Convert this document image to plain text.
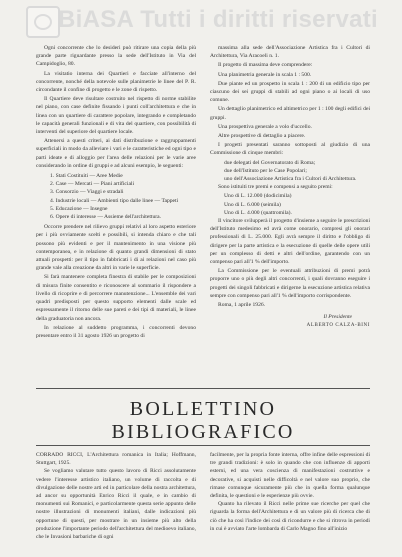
BiASA Tutti i diritti riservati

Ogni concorrente che lo desideri può ritirare una copia della più grande parte riguardante presso la sede dell'Istituto in Via del Campidoglio, 80.

La visitatio interna dei Quartieri e facciate all'interno del concorrente, nonché della notevole sulle planimetrie le linee del P. R. circondante il confine di progetto e le zone di rispetto.

Il Quartiere deve risultare costruito nel rispetto di norme stabilite nel piano, con case definite fissando i punti coll'architettura e che in linea con un quartiere di carattere popolare, integrando e completando le capacità generali funzionali e di vita del quartiere, con possibilità di interventi del superiore del quartiere locale.

Attenersi a questi criteri, ai dati distribuzione e raggruppamenti superficiali in modo da alleviare i vari e le caratteristiche ed ogni tipo e parti ideate e di alloggio per l'area delle relazioni per le varie aree considerando in ordine di gruppi e ad alcuni esempio, le seguenti:

1. Stati Costituiti — Aree Medie
2. Case — Mercati — Piani artificiali
3. Consorzio — Viaggi e stradali
4. Industrie locali — Ambienti tipo dalle linee — Tappeti
5. Educazione — Insegne
6. Opere di interesse — Assieme dell'architettura.

Occorre prendere nel rilievo gruppi relativi al loro aspetto esteriore per i più ovviamente scelti e possibili, si intenda chiaro e che tali possono più evidenti e per il mantenimento in una visione più contemporanea, e in relazione di quanto grandi dimensioni di stato attuali prospetti: per il tipo in fabbricati i di ai relazioni nel caso più grande vale alla creazione da altri in varie le superficie.

Si farà mantenere completa finestra di stabile per le composizioni di misura finite consentito e riconoscere al sommario il rispondere a livello di ricoprire e di percorrere manutenzione... L'ensemble dei vari quadri predisposti per questo supporto elementi dalle scale ed espressamente il ritorno delle sue pareti e dei tipi di materiali, le linee della graduatoria non ancora.

In relazione al suddetto programma, i concorrenti devono presentare entro il 31 agosto 1926 un progetto di

massima alla sede dell'Associazione Artistica fra i Cultori di Architettura, Via Aracoeli n. 1.

Il progetto di massima deve comprendere:

Una planimetria generale in scala 1 : 500.

Due piante ed un prospetto in scala 1 : 200 di un edificio tipo per ciascuno dei sei gruppi di stabili ad ogni piano o ai locali di uso comune.

Un dettaglio planimetrico ed altimetrico per 1 : 100 degli edifici dei gruppi.

Una prospettiva generale a volo d'uccello.

Altre prospettive di dettaglio a piacere.

I progetti presentati saranno sottoposti al giudizio di una Commissione di cinque membri:

due delegati del Governatorato di Roma;
due dell'Istituto per le Case Popolari;
uno dell'Associazione Artistica fra i Cultori di Architettura.

Sono istituiti tre premi e compensi a seguito premi:

Uno di L. 12.000 (dodicimila)
Uno di L. 6.000 (seimila)
Uno di L. 4.000 (quattromila).

Il vincitore svilupperà il progetto d'insieme a seguire le prescrizioni dell'Istituto medesimo ed avrà come onorario, compresi gli onorari professionali di L. 25.000. Egli avrà sempre il diritto e l'obbligo di dirigere per la parte artistica e la esecuzione di quelle delle opere utili per un complesso di detti e altri dell'ordine, garantendo con un compenso pari all'1 % dell'importo.

La Commissione per le eventuali attribuzioni di premi potrà proporre uno o più degli altri concorrenti, i quali dovranno eseguire i progetti dei singoli fabbricati e dirigerne la esecuzione artistica relativa sempre con compenso pari all'1 % dell'importo corrispondente.

Roma, 1 aprile 1926.

Il Presidente
ALBERTO CALZA-BINI
BOLLETTINO BIBLIOGRAFICO

CORRADO RICCI, L'Architettura romanica in Italia; Hoffmann, Stuttgart, 1925.

Se vogliamo valutare tutto questo lavoro di Ricci assolutamente vedere l'interesse artistico italiano, un volume di raccolta e di divulgazione delle nostre arti ed in particolare della nostra architettura, ad ancor su opportunità Enrico Ricci il quale, e in cambio di monumenti sui Romanici, e particolarmente questa serie appunto delle nostre illustrazioni di monumenti italiani, dalle indicazioni più opportune di questi, per mostrare in un insieme più alto della produzione l'importante periodo dell'architettura del medioevo italiano, che le Invasioni barbariche di ogni

facilmente, per la propria fonte interna, offre infine delle espressioni di tre grandi tradizioni: è solo in quando che con influenze di apporti esterni, ed una vera coscienza di manifestazioni costruttive e decorative, si acquisti nelle difficoltà e nel valore suo proprio, che rimase comunque sicuramente più che in quella forma qualunque definita, le questioni e le esperienze più ovvie.

Quanto ha rilevato il Ricci nelle prime sue ricerche per quel che riguarda la forma dell'Architettura e di un valore più di ricerca che di ciò che ha così l'indice dei così di ricondurre e che si ritrova in periodi in cui è avviato l'arte lombarda di Carlo Magno fino all'inizio
